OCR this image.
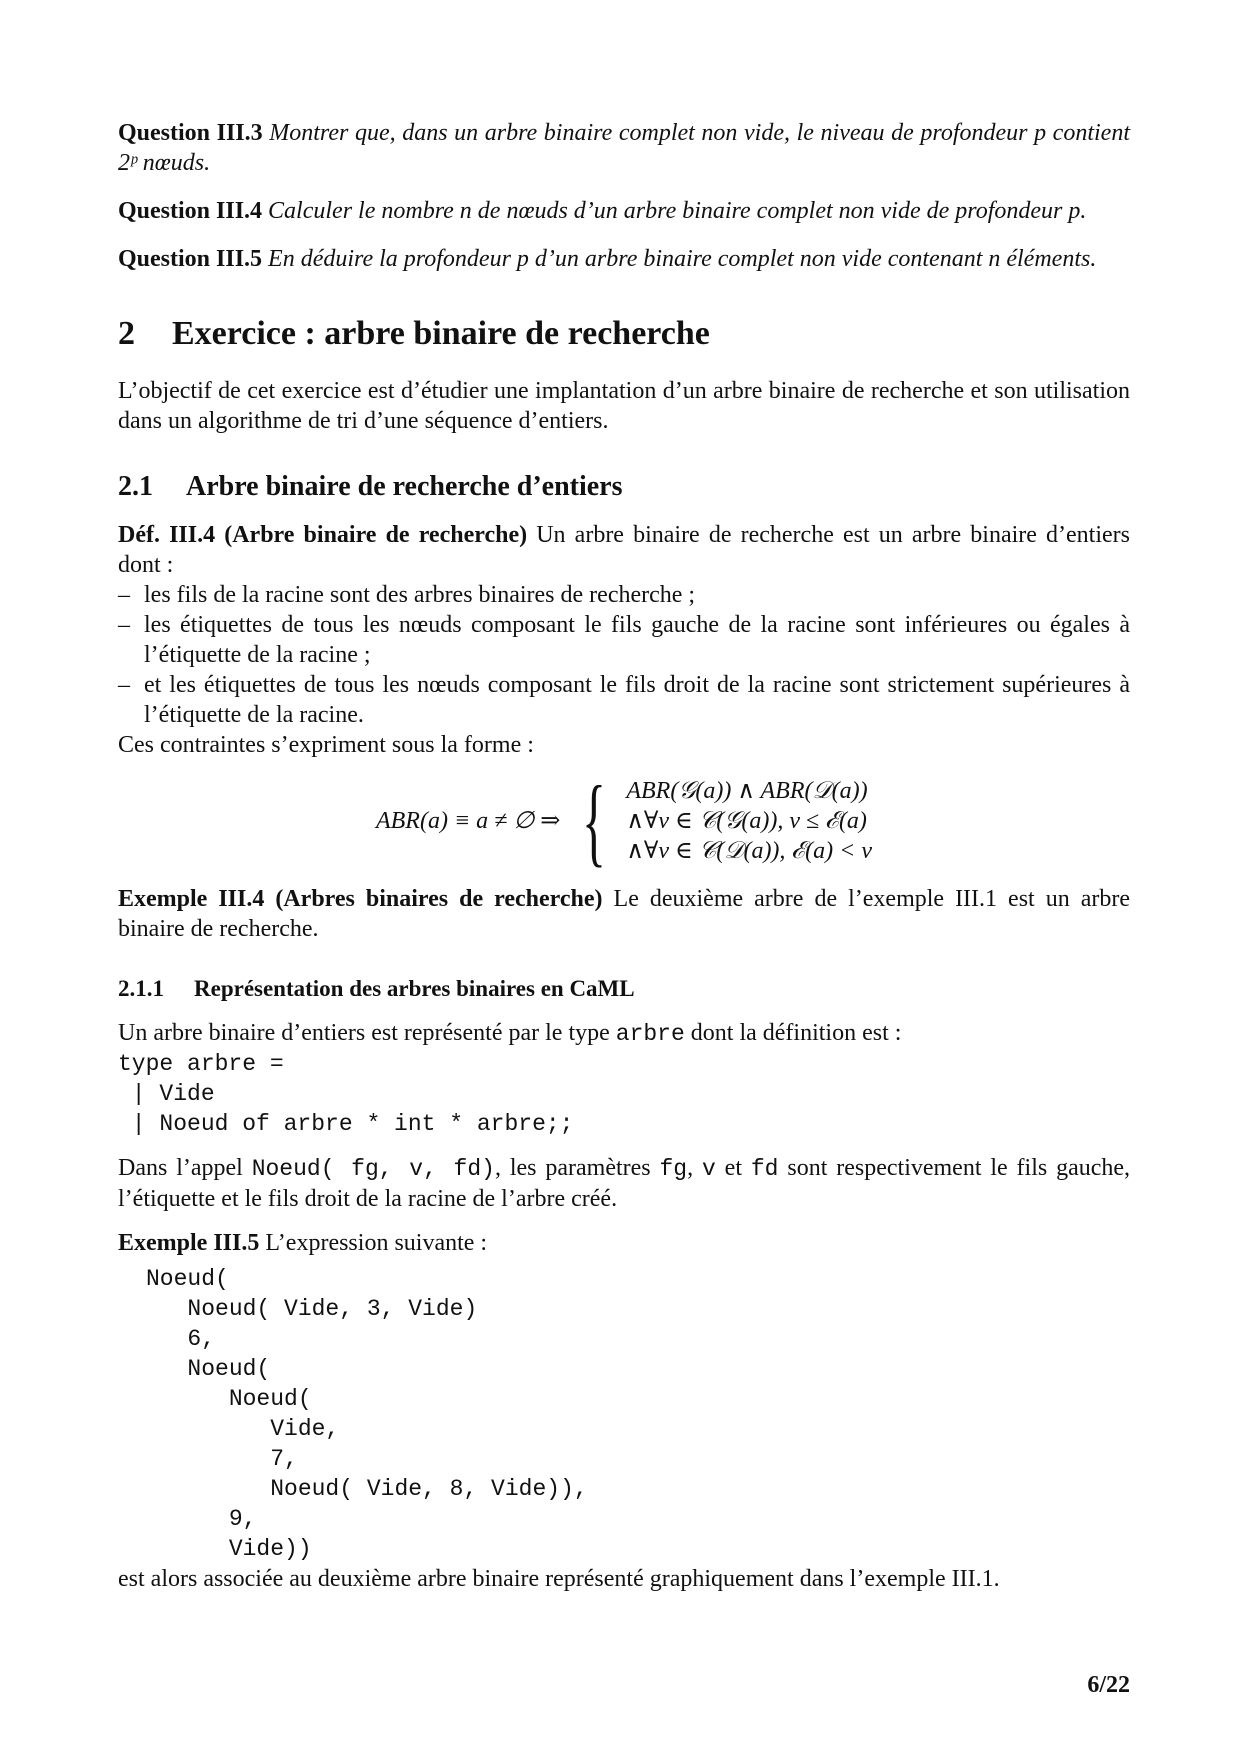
Question III.3 Montrer que, dans un arbre binaire complet non vide, le niveau de profondeur p contient 2ᵖ nœuds.

Question III.4 Calculer le nombre n de nœuds d’un arbre binaire complet non vide de profondeur p.

Question III.5 En déduire la profondeur p d’un arbre binaire complet non vide contenant n éléments.

2 Exercice : arbre binaire de recherche

L’objectif de cet exercice est d’étudier une implantation d’un arbre binaire de recherche et son utilisation dans un algorithme de tri d’une séquence d’entiers.

2.1 Arbre binaire de recherche d’entiers

Déf. III.4 (Arbre binaire de recherche) Un arbre binaire de recherche est un arbre binaire d’entiers dont :

– les fils de la racine sont des arbres binaires de recherche ;
– les étiquettes de tous les nœuds composant le fils gauche de la racine sont inférieures ou égales à l’étiquette de la racine ;
– et les étiquettes de tous les nœuds composant le fils droit de la racine sont strictement supérieures à l’étiquette de la racine.

Ces contraintes s’expriment sous la forme :

ABR(a) ≡ a ≠ ∅ ⇒ { ABR(𝒢(a)) ∧ ABR(𝒟(a))
∧∀v ∈ 𝒞(𝒢(a)), v ≤ ℰ(a)
∧∀v ∈ 𝒞(𝒟(a)), ℰ(a) < v

Exemple III.4 (Arbres binaires de recherche) Le deuxième arbre de l’exemple III.1 est un arbre binaire de recherche.

2.1.1 Représentation des arbres binaires en CaML

Un arbre binaire d’entiers est représenté par le type arbre dont la définition est :

type arbre =
| Vide
| Noeud of arbre * int * arbre;;

Dans l’appel Noeud( fg, v, fd), les paramètres fg, v et fd sont respectivement le fils gauche, l’étiquette et le fils droit de la racine de l’arbre créé.

Exemple III.5 L’expression suivante :

Noeud(
Noeud( Vide, 3, Vide)
6,
Noeud(
Noeud(
Vide,
7,
Noeud( Vide, 8, Vide)),
9,
Vide))

est alors associée au deuxième arbre binaire représenté graphiquement dans l’exemple III.1.

6/22
